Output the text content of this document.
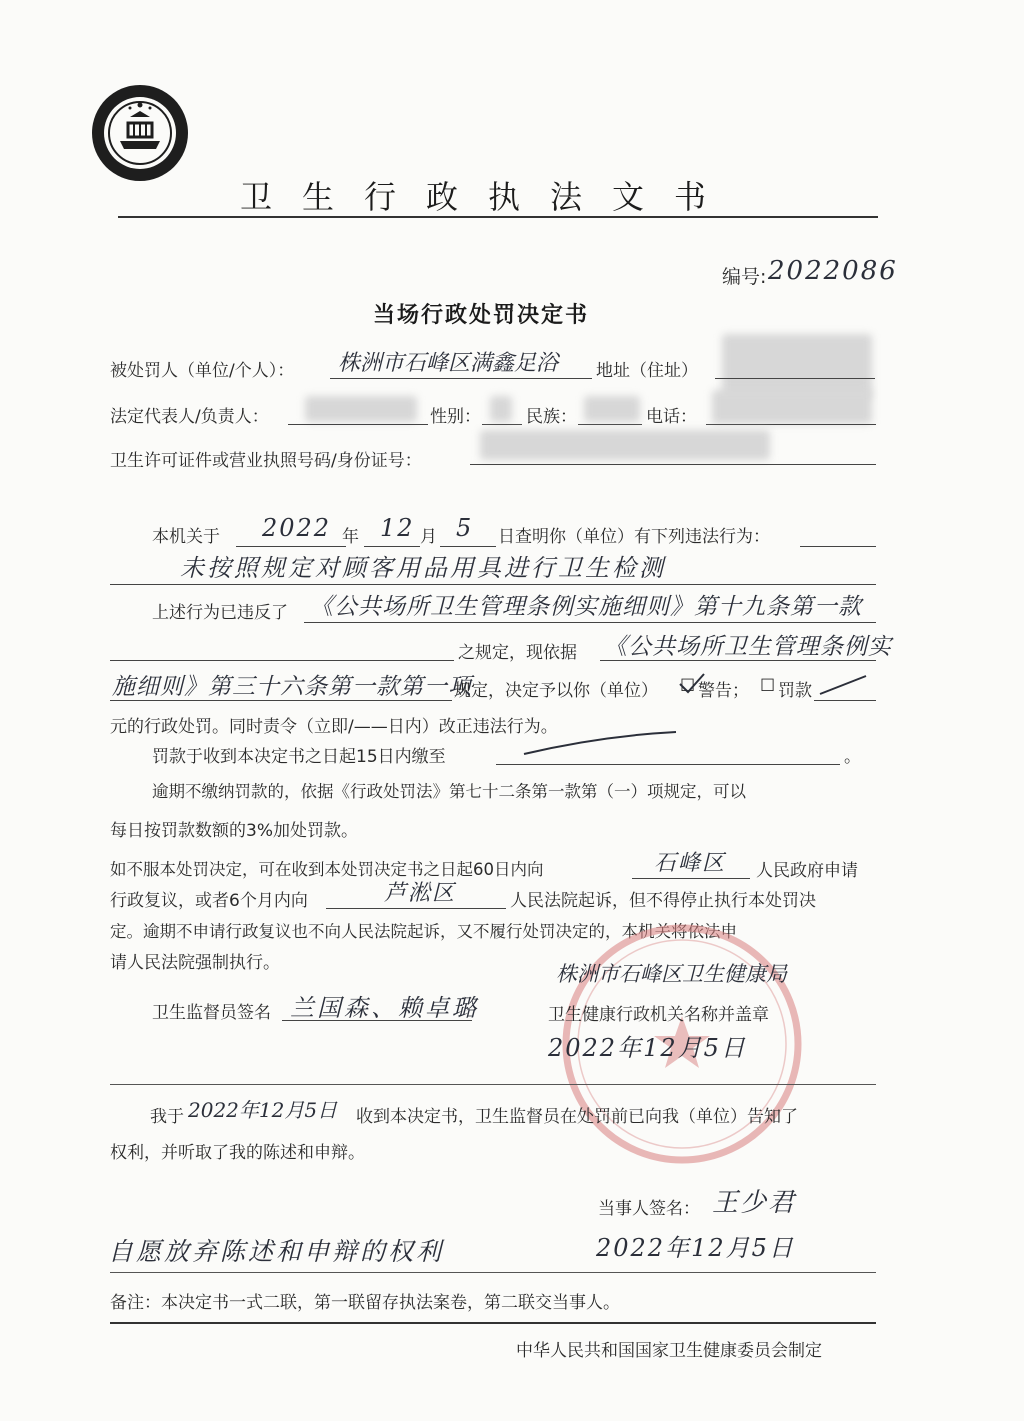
卫生行政执法文书
编号: 2022086
当场行政处罚决定书
被处罚人（单位/个人）： 株洲市石峰区满鑫足浴 地址（住址）
法定代表人/负责人：	性别：	民族：	电话：
卫生许可证件或营业执照号码/身份证号：
本机关于 2022 年 12 月 5 日查明你（单位）有下列违法行为：
未按照规定对顾客用品用具进行卫生检测
上述行为已违反了 《公共场所卫生管理条例实施细则》第十九条第一款
之规定，现依据 《公共场所卫生管理条例实
施细则》第三十六条第一款第一项
规定，决定予以你（单位） ☐ 警告； ☐ 罚款
元的行政处罚。同时责令（立即/——日内）改正违法行为。
罚款于收到本决定书之日起15日内缴至	。
逾期不缴纳罚款的，依据《行政处罚法》第七十二条第一款第（一）项规定，可以
每日按罚款数额的3%加处罚款。
如不服本处罚决定，可在收到本处罚决定书之日起60日内向	石峰区 人民政府申请
行政复议，或者6个月内向	芦淞区	人民法院起诉，但不得停止执行本处罚决
定。逾期不申请行政复议也不向人民法院起诉，又不履行处罚决定的，本机关将依法申
请人民法院强制执行。	株洲市石峰区卫生健康局
卫生监督员签名 兰国森、赖卓璐	卫生健康行政机关名称并盖章
2022年12月5日
我于 2022年12月5日 收到本决定书，卫生监督员在处罚前已向我（单位）告知了
权利，并听取了我的陈述和申辩。
当事人签名： 王少君
自愿放弃陈述和申辩的权利	2022年12月5日
备注：本决定书一式二联，第一联留存执法案卷，第二联交当事人。
中华人民共和国国家卫生健康委员会制定
